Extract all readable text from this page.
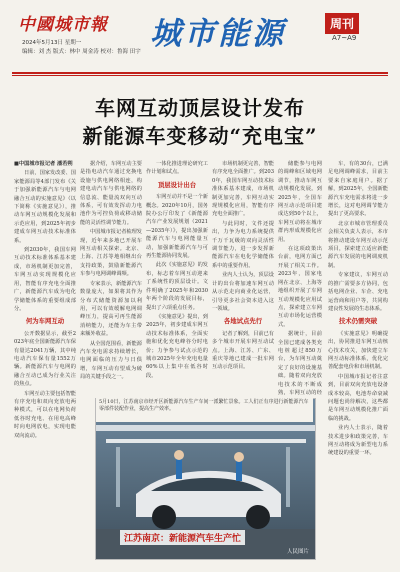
中國城市報
2024年5月13日 星期一
编辑：刘 杰 版式：林中 周金涛 校对：鲁海 田宇 城市能源	周刊
A7~A9
车网互动顶层设计发布
新能源车变移动“充电宝”

■中国城市报记者 潘若朔

日前，国家发改委、国家能源局等4部门发布《关于加强新能源汽车与电网融合互动的实施意见》（以下简称《实施意见》），推动车网互动规模化发展和示范应用，到2025年初步建成车网互动技术标准体系。

到2030年，我国车网互动技术标准体系基本建成，市场机制更加完善，车网互动实现规模化应用，智能有序充电全面推广，新能源汽车成为电化学储能体系的重要组成部分。

何为车网互动

公开数据显示，截至2023年底全国新能源汽车保有量达2041万辆，其中纯电动汽车保有量1552万辆。新能源汽车与电网的融合互动已成为行业关注的焦点。

车网互动主要包括智能有序充电和双向充放电两种模式，可以在电网负荷低谷时充电、在用电高峰时向电网放电，实现电能双向流动。

据介绍，车网互动主要是指电动汽车通过充换电设施与供电网络相连，构建电动汽车与供电网络的信息流、能量流双向互动体系，可有效发挥动力电池作为可控负荷或移动储能的灵活性调节能力。

中国城市报记者梳理发现，近年来多地已开展车网互动相关探索。北京、上海、江苏等地相继出台支持政策，鼓励新能源汽车参与电网调峰调频。

专家表示，新能源汽车数量庞大，如果将其作为分布式储能资源加以利用，可以有效缓解电网调峰压力，提高可再生能源消纳能力，还能为车主带来额外收益。

从全国范围看，新能源汽车充电需求持续增长，电网面临的压力与日俱增，车网互动有望成为破局的关键手段之一。

一体化推进理论研究工作计划和试点。

顶层设计出台

车网互动并不是一个新概念。2020年10月，国务院办公厅印发了《新能源汽车产业发展规划（2021—2035年）》，提出加强新能源汽车与电网能量互动，加强新能源汽车与可再生能源协同发展。

此次《实施意见》的发布，标志着车网互动迎来了系统性的顶层设计。文件明确了2025年和2030年两个阶段的发展目标，提出了六项重点任务。

《实施意见》提出，到2025年，初步建成车网互动技术标准体系，全面实施和优化充电峰谷分时电价；力争参与试点示范的城市2025年全年充电电量60%以上集中在低谷时段。

市场机制更完善，智能有序充电全面推广。到2030年，我国车网互动技术标准体系基本建成，市场机制更加完善，车网互动实现规模化应用，智能有序充电全面推广。

与此同时，文件还提出，力争为电力系统提供千万千瓦级的双向灵活性调节能力，进一步发挥新能源汽车在电化学储能体系中的重要作用。

业内人士认为，顶层设计的出台将加速车网互动从示范走向商业化运营，引导更多社会资本进入这一领域。

各地试点先行

记者了解到，目前已有多个城市开展车网互动试点。上海、江苏、广东、重庆等地已建成一批车网互动示范项目。

储能参与电网的调峰和区域电网调节，推动车网互动规模化发展。到2025年，全国车网互动示范项目建成达到50个以上，车网互动将在城市群内形成规模化应用。

在这项政策出台前，电网方面已开展了相关工作。2023年，国家电网在北京、上海等地组织开展了车网互动规模化应用试点，探索建立车网互动市场化运营模式。

据统计，目前全国已建成各类充电桩超过850万台，为车网互动奠定了良好的设施基础。随着双向充放电技术的不断成熟，车网互动的经

车，有的30台，已满足电网调峰需求，目前主要来自家庭用户。据了解，到2025年，全国新能源汽车充电需求将进一步增长，这对电网调节能力提出了更高要求。

北京市城市管理委员会相关负责人表示，本市将推动建设车网互动示范项目，探索建立适应新能源汽车发展的电网调度机制。

专家建议，车网互动的推广需要多方协同，包括电网企业、车企、充电运营商和用户等，共同构建良性发展的生态体系。

技术仍需突破

《实施意见》明确提出，协同推进车网互动核心技术攻关，加快建立车网互动标准体系，优化完善配套电价和市场机制。

中国城市报记者注意到，目前双向充放电设备成本较高，电池寿命衰减问题也尚待解决，这些都是车网互动规模化推广面临的挑战。

业内人士表示，随着技术进步和政策完善，车网互动将成为新型电力系统建设的重要一环。

5月10日，江苏南京市经开区新能源汽车生产车间一派繁忙景象。工人们正有序进行新能源汽车零部件装配作业，提高生产效率。
江苏南京：新能源汽车生产忙
人民图片
